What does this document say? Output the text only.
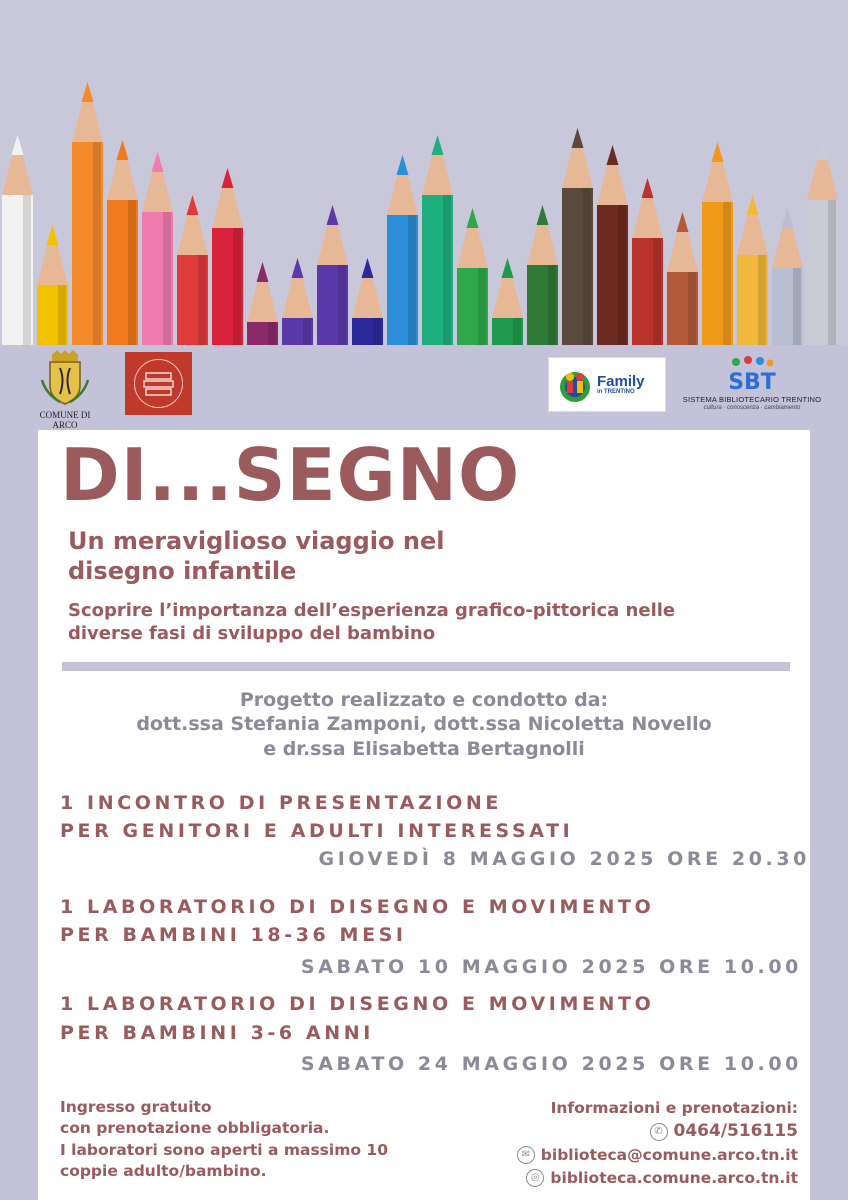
COMUNE DI ARCO
Family
in TRENTINO	SBT
SISTEMA BIBLIOTECARIO TRENTINO
cultura · conoscenza · cambiamento
DI...SEGNO
Un meraviglioso viaggio nel
disegno infantile
Scoprire l’importanza dell’esperienza grafico-pittorica nelle
diverse fasi di sviluppo del bambino
Progetto realizzato e condotto da:
dott.ssa Stefania Zamponi, dott.ssa Nicoletta Novello
e dr.ssa Elisabetta Bertagnolli
1 INCONTRO DI PRESENTAZIONE
PER GENITORI E ADULTI INTERESSATI
GIOVEDÌ 8 MAGGIO 2025 ORE 20.30
1 LABORATORIO DI DISEGNO E MOVIMENTO
PER BAMBINI 18-36 MESI
SABATO 10 MAGGIO 2025 ORE 10.00
1 LABORATORIO DI DISEGNO E MOVIMENTO
PER BAMBINI 3-6 ANNI
SABATO 24 MAGGIO 2025 ORE 10.00
Ingresso gratuito
con prenotazione obbligatoria.
I laboratori sono aperti a massimo 10
coppie adulto/bambino.
Informazioni e prenotazioni:
✆ 0464/516115
✉ biblioteca@comune.arco.tn.it
◎ biblioteca.comune.arco.tn.it
